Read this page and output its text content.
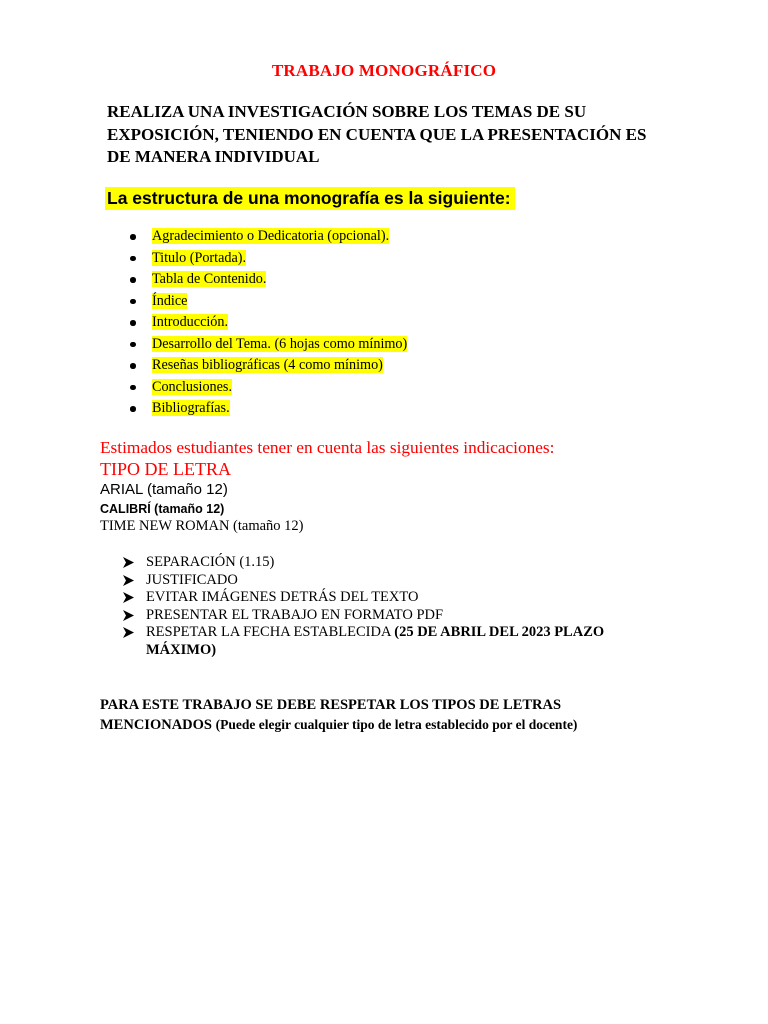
TRABAJO MONOGRÁFICO
REALIZA UNA INVESTIGACIÓN SOBRE LOS TEMAS DE SU
EXPOSICIÓN, TENIENDO EN CUENTA QUE LA PRESENTACIÓN ES
DE MANERA INDIVIDUAL
La estructura de una monografía es la siguiente:
Agradecimiento o Dedicatoria (opcional).
Titulo (Portada).
Tabla de Contenido.
Índice
Introducción.
Desarrollo del Tema. (6 hojas como mínimo)
Reseñas bibliográficas (4 como mínimo)
Conclusiones.
Bibliografías.
Estimados estudiantes tener en cuenta las siguientes indicaciones:
TIPO DE LETRA
ARIAL (tamaño 12)
CALIBRÍ (tamaño 12)
TIME NEW ROMAN (tamaño 12)
SEPARACIÓN (1.15)
JUSTIFICADO
EVITAR IMÁGENES DETRÁS DEL TEXTO
PRESENTAR EL TRABAJO EN FORMATO PDF
RESPETAR LA FECHA ESTABLECIDA (25 DE ABRIL DEL 2023 PLAZO
MÁXIMO)
PARA ESTE TRABAJO SE DEBE RESPETAR LOS TIPOS DE LETRAS
MENCIONADOS (Puede elegir cualquier tipo de letra establecido por el docente)
